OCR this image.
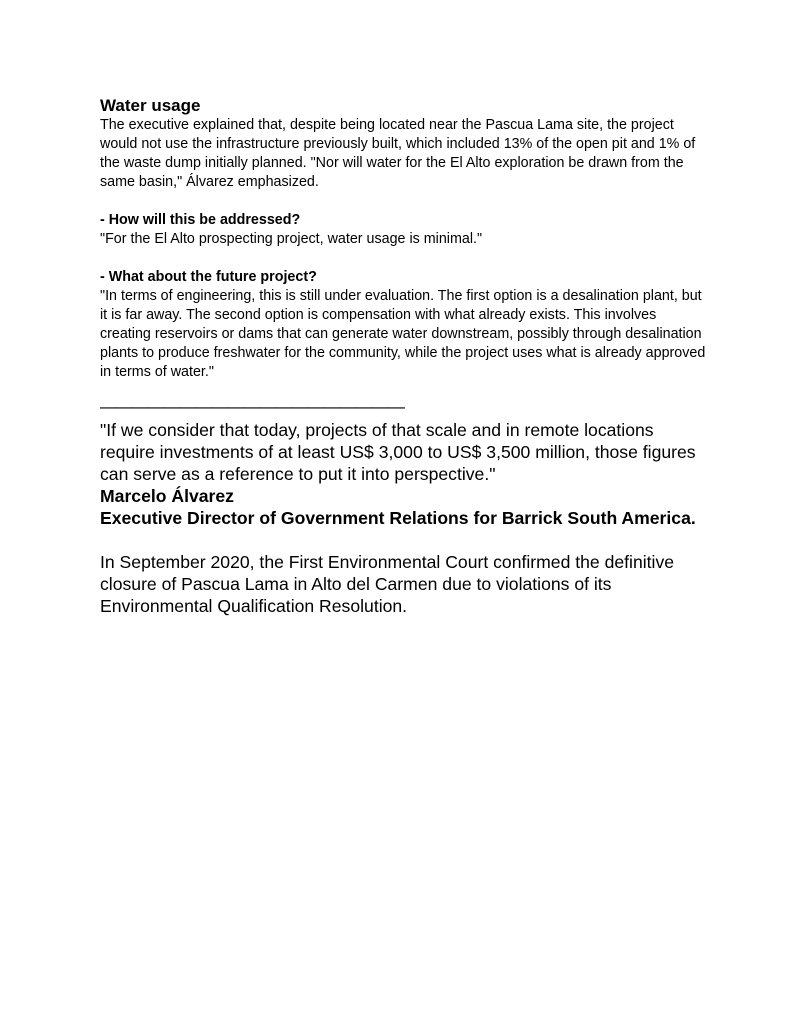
Water usage

The executive explained that, despite being located near the Pascua Lama site, the project would not use the infrastructure previously built, which included 13% of the open pit and 1% of the waste dump initially planned. "Nor will water for the El Alto exploration be drawn from the same basin," Álvarez emphasized.

- How will this be addressed?

"For the El Alto prospecting project, water usage is minimal."

- What about the future project?

"In terms of engineering, this is still under evaluation. The first option is a desalination plant, but it is far away. The second option is compensation with what already exists. This involves creating reservoirs or dams that can generate water downstream, possibly through desalination plants to produce freshwater for the community, while the project uses what is already approved in terms of water."

———————————————————

"If we consider that today, projects of that scale and in remote locations require investments of at least US$ 3,000 to US$ 3,500 million, those figures can serve as a reference to put it into perspective."

Marcelo Álvarez

Executive Director of Government Relations for Barrick South America.

In September 2020, the First Environmental Court confirmed the definitive closure of Pascua Lama in Alto del Carmen due to violations of its Environmental Qualification Resolution.
